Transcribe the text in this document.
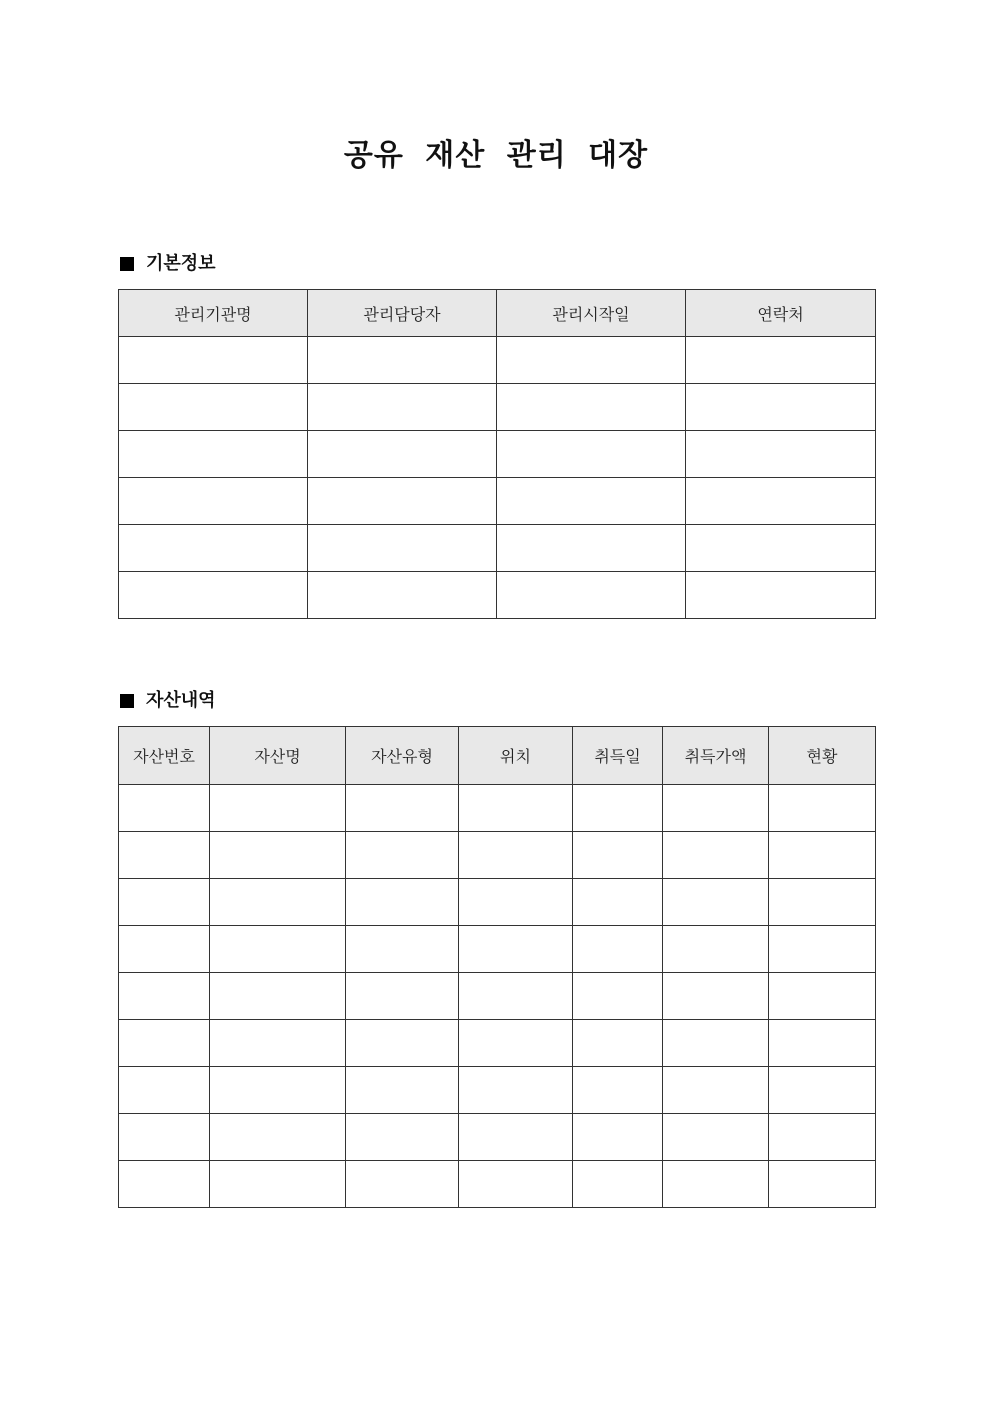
공유 재산 관리 대장
기본정보
관리기관명	관리담당자	관리시작일	연락처

자산내역
자산번호	자산명	자산유형	위치	취득일	취득가액	현황
